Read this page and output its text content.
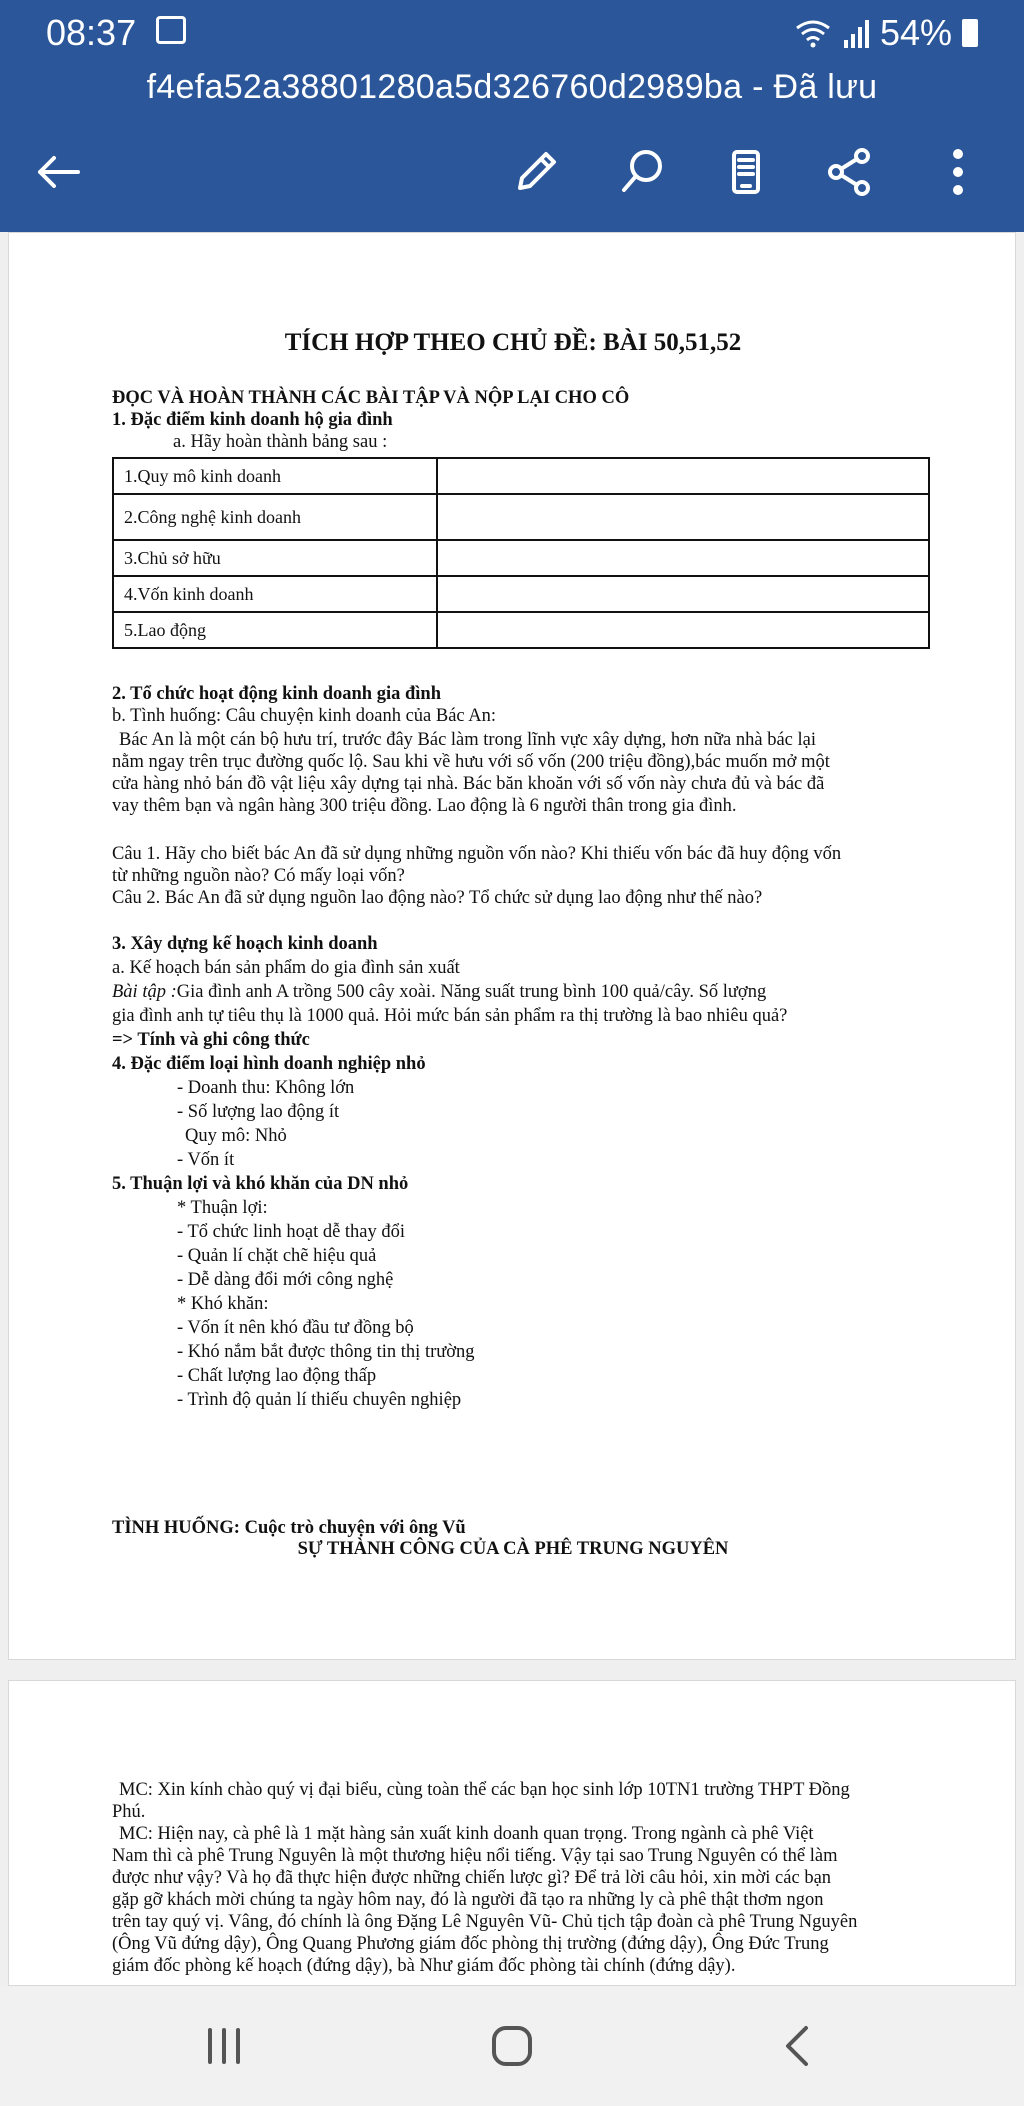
08:37	54%
f4efa52a38801280a5d326760d2989ba - Đã lưu
TÍCH HỢP THEO CHỦ ĐỀ: BÀI 50,51,52
ĐỌC VÀ HOÀN THÀNH CÁC BÀI TẬP VÀ NỘP LẠI CHO CÔ
1. Đặc điểm kinh doanh hộ gia đình
a. Hãy hoàn thành bảng sau :
1.Quy mô kinh doanh	
2.Công nghệ kinh doanh	
3.Chủ sở hữu	
4.Vốn kinh doanh	
5.Lao động	
2. Tổ chức hoạt động kinh doanh gia đình
b. Tình huống: Câu chuyện kinh doanh của Bác An:
Bác An là một cán bộ hưu trí, trước đây Bác làm trong lĩnh vực xây dựng, hơn nữa nhà bác lại
nằm ngay trên trục đường quốc lộ. Sau khi về hưu với số vốn (200 triệu đồng),bác muốn mở một
cửa hàng nhỏ bán đồ vật liệu xây dựng tại nhà. Bác băn khoăn với số vốn này chưa đủ và bác đã
vay thêm bạn và ngân hàng 300 triệu đồng. Lao động là 6 người thân trong gia đình.
Câu 1. Hãy cho biết bác An đã sử dụng những nguồn vốn nào? Khi thiếu vốn bác đã huy động vốn
từ những nguồn nào? Có mấy loại vốn?
Câu 2. Bác An đã sử dụng nguồn lao động nào? Tổ chức sử dụng lao động như thế nào?
3. Xây dựng kế hoạch kinh doanh
a. Kế hoạch bán sản phẩm do gia đình sản xuất
Bài tập :Gia đình anh A trồng 500 cây xoài. Năng suất trung bình 100 quả/cây. Số lượng
gia đình anh tự tiêu thụ là 1000 quả. Hỏi mức bán sản phẩm ra thị trường là bao nhiêu quả?
=> Tính và ghi công thức
4. Đặc điểm loại hình doanh nghiệp nhỏ
- Doanh thu: Không lớn
- Số lượng lao động ít
Quy mô: Nhỏ
- Vốn ít
5. Thuận lợi và khó khăn của DN nhỏ
* Thuận lợi:
- Tổ chức linh hoạt dễ thay đổi
- Quản lí chặt chẽ hiệu quả
- Dễ dàng đổi mới công nghệ
* Khó khăn:
- Vốn ít nên khó đầu tư đồng bộ
- Khó nắm bắt được thông tin thị trường
- Chất lượng lao động thấp
- Trình độ quản lí thiếu chuyên nghiệp
TÌNH HUỐNG: Cuộc trò chuyện với ông Vũ
SỰ THÀNH CÔNG CỦA CÀ PHÊ TRUNG NGUYÊN
MC: Xin kính chào quý vị đại biểu, cùng toàn thể các bạn học sinh lớp 10TN1 trường THPT Đồng
Phú.
MC: Hiện nay, cà phê là 1 mặt hàng sản xuất kinh doanh quan trọng. Trong ngành cà phê Việt
Nam thì cà phê Trung Nguyên là một thương hiệu nổi tiếng. Vậy tại sao Trung Nguyên có thể làm
được như vậy? Và họ đã thực hiện được những chiến lược gì? Để trả lời câu hỏi, xin mời các bạn
gặp gỡ khách mời chúng ta ngày hôm nay, đó là người đã tạo ra những ly cà phê thật thơm ngon
trên tay quý vị. Vâng, đó chính là ông Đặng Lê Nguyên Vũ- Chủ tịch tập đoàn cà phê Trung Nguyên
(Ông Vũ đứng dậy), Ông Quang Phương giám đốc phòng thị trường (đứng dậy), Ông Đức Trung
giám đốc phòng kế hoạch (đứng dậy), bà Như giám đốc phòng tài chính (đứng dậy).
